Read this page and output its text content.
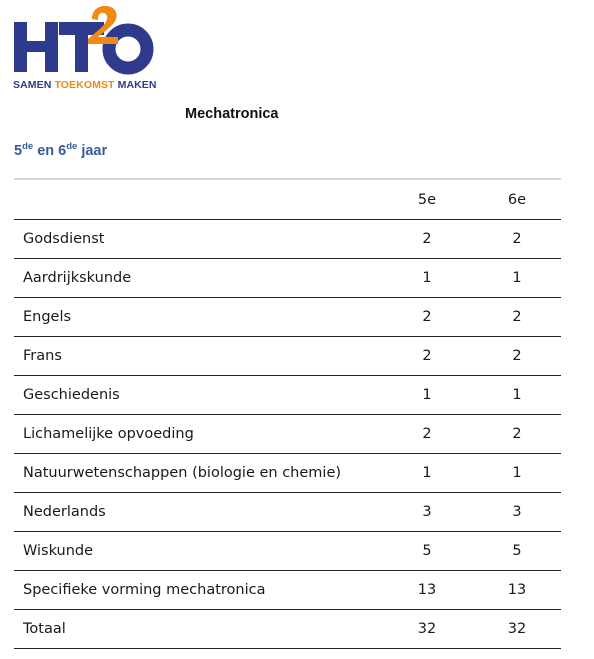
SAMEN TOEKOMST MAKEN
Mechatronica
5de en 6de jaar
	5e	6e
Godsdienst	2	2
Aardrijkskunde	1	1
Engels	2	2
Frans	2	2
Geschiedenis	1	1
Lichamelijke opvoeding	2	2
Natuurwetenschappen (biologie en chemie)	1	1
Nederlands	3	3
Wiskunde	5	5
Specifieke vorming mechatronica	13	13
Totaal	32	32
